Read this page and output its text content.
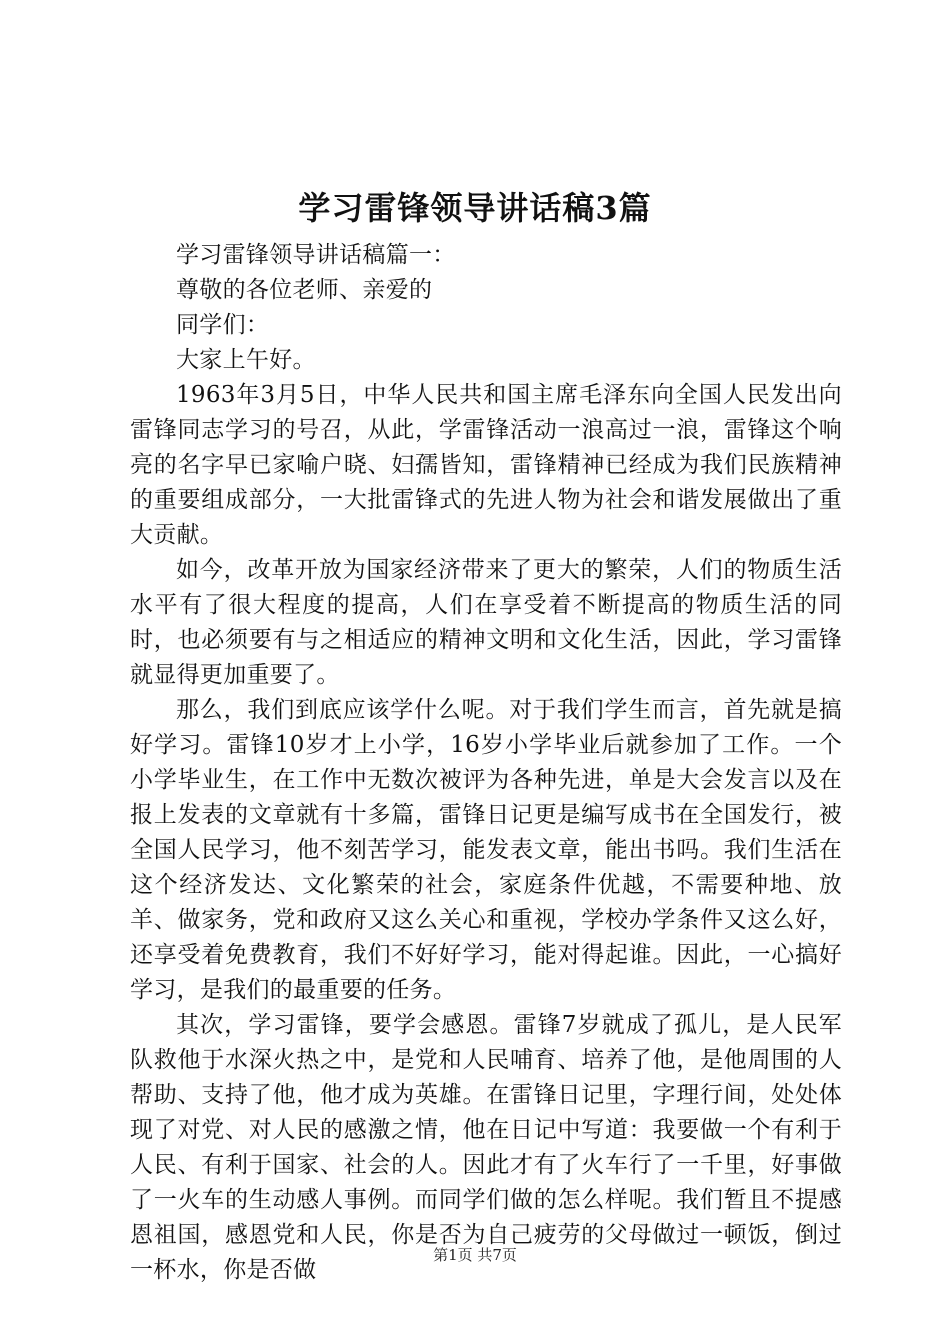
学习雷锋领导讲话稿3篇

学习雷锋领导讲话稿篇一：

尊敬的各位老师、亲爱的

同学们：

大家上午好。

1963年3月5日，中华人民共和国主席毛泽东向全国人民发出向雷锋同志学习的号召，从此，学雷锋活动一浪高过一浪，雷锋这个响亮的名字早已家喻户晓、妇孺皆知，雷锋精神已经成为我们民族精神的重要组成部分，一大批雷锋式的先进人物为社会和谐发展做出了重大贡献。

如今，改革开放为国家经济带来了更大的繁荣，人们的物质生活水平有了很大程度的提高，人们在享受着不断提高的物质生活的同时，也必须要有与之相适应的精神文明和文化生活，因此，学习雷锋就显得更加重要了。

那么，我们到底应该学什么呢。对于我们学生而言，首先就是搞好学习。雷锋10岁才上小学，16岁小学毕业后就参加了工作。一个小学毕业生，在工作中无数次被评为各种先进，单是大会发言以及在报上发表的文章就有十多篇，雷锋日记更是编写成书在全国发行，被全国人民学习，他不刻苦学习，能发表文章，能出书吗。我们生活在这个经济发达、文化繁荣的社会，家庭条件优越，不需要种地、放羊、做家务，党和政府又这么关心和重视，学校办学条件又这么好，还享受着免费教育，我们不好好学习，能对得起谁。因此，一心搞好学习，是我们的最重要的任务。

其次，学习雷锋，要学会感恩。雷锋7岁就成了孤儿，是人民军队救他于水深火热之中，是党和人民哺育、培养了他，是他周围的人帮助、支持了他，他才成为英雄。在雷锋日记里，字理行间，处处体现了对党、对人民的感激之情，他在日记中写道：我要做一个有利于人民、有利于国家、社会的人。因此才有了火车行了一千里，好事做了一火车的生动感人事例。而同学们做的怎么样呢。我们暂且不提感恩祖国，感恩党和人民，你是否为自己疲劳的父母做过一顿饭，倒过一杯水，你是否做

第1页 共7页
